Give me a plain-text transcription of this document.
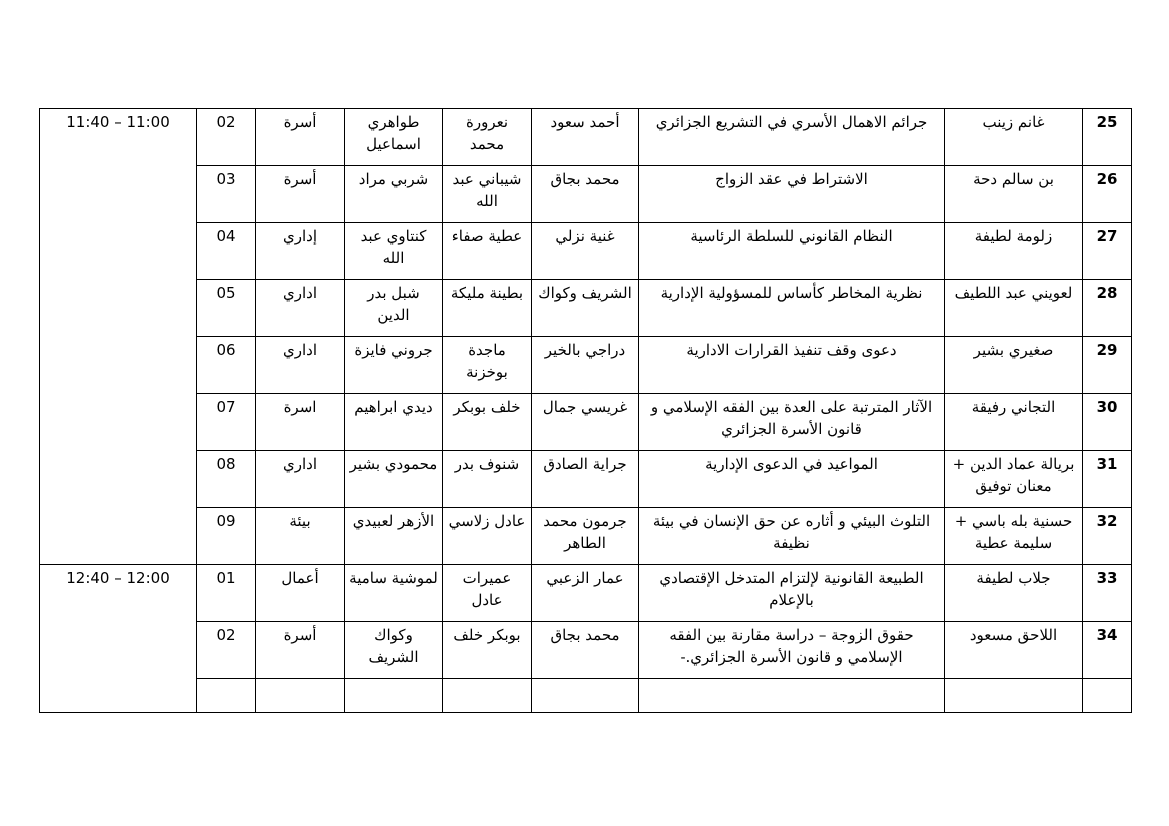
11:40 – 11:00	02	أسرة	طواهري اسماعيل	نعرورة محمد	أحمد سعود	جرائم الاهمال الأسري في التشريع الجزائري	غانم زينب	25
	03	أسرة	شربي مراد	شيباني عبد الله	محمد بجاق	الاشتراط في عقد الزواج	بن سالم دحة	26
	04	إداري	كنتاوي عبد الله	عطية صفاء	غنية نزلي	النظام القانوني للسلطة الرئاسية	زلومة لطيفة	27
	05	اداري	شبل بدر الدين	بطينة مليكة	الشريف وكواك	نظرية المخاطر كأساس للمسؤولية الإدارية	لعويني عبد اللطيف	28
	06	اداري	جروني فايزة	ماجدة بوخزنة	دراجي بالخير	دعوى وقف تنفيذ القرارات الادارية	صغيري بشير	29
	07	اسرة	ديدي ابراهيم	خلف بوبكر	غريسي جمال	الآثار المترتبة على العدة بين الفقه الإسلامي و قانون الأسرة الجزائري	التجاني رفيقة	30
	08	اداري	محمودي بشير	شنوف بدر	جراية الصادق	المواعيد في الدعوى الإدارية	بريالة عماد الدين + معنان توفيق	31
	09	بيئة	الأزهر لعبيدي	عادل زلاسي	جرمون محمد الطاهر	التلوث البيئي و أثاره عن حق الإنسان في بيئة نظيفة	حسنية بله باسي + سليمة عطية	32
12:40 – 12:00	01	أعمال	لموشية سامية	عميرات عادل	عمار الزعبي	الطبيعة القانونية لإلتزام المتدخل الإقتصادي بالإعلام	جلاب لطيفة	33
	02	أسرة	وكواك الشريف	بوبكر خلف	محمد بجاق	حقوق الزوجة – دراسة مقارنة بين الفقه الإسلامي و قانون الأسرة الجزائري.-	اللاحق مسعود	34
